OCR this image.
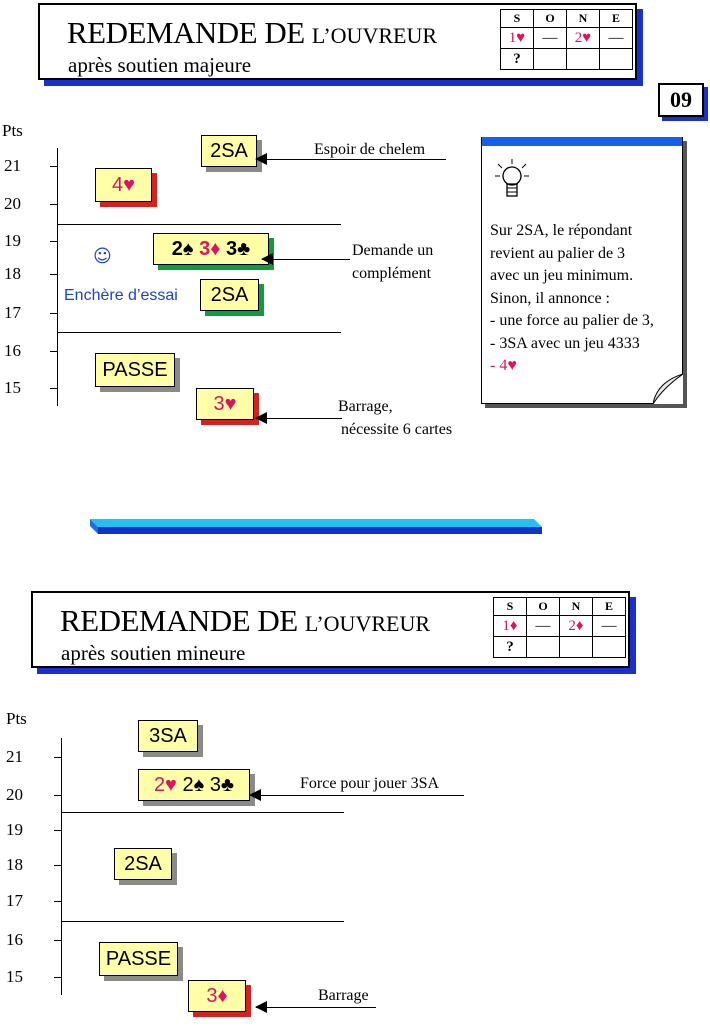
REDEMANDE DE L’OUVREUR
après soutien majeure
S	O	N	E
1♥	—	2♥	—
?			
09
Pts
21
20
19
18
17
16
15
2SA
4♥
2♠ 3♦ 3♣
2SA
PASSE
3♥
☺
Enchère d’essai
Espoir de chelem
Demande un
complément
Barrage,
nécessite 6 cartes
Sur 2SA, le répondant
revient au palier de 3
avec un jeu minimum.
Sinon, il annonce :
- une force au palier de 3,
- 3SA avec un jeu 4333
- 4♥
REDEMANDE DE L’OUVREUR
après soutien mineure
S	O	N	E
1♦	—	2♦	—
?			
Pts
21
20
19
18
17
16
15
3SA
2♥ 2♠ 3♣
2SA
PASSE
3♦
Force pour jouer 3SA
Barrage
